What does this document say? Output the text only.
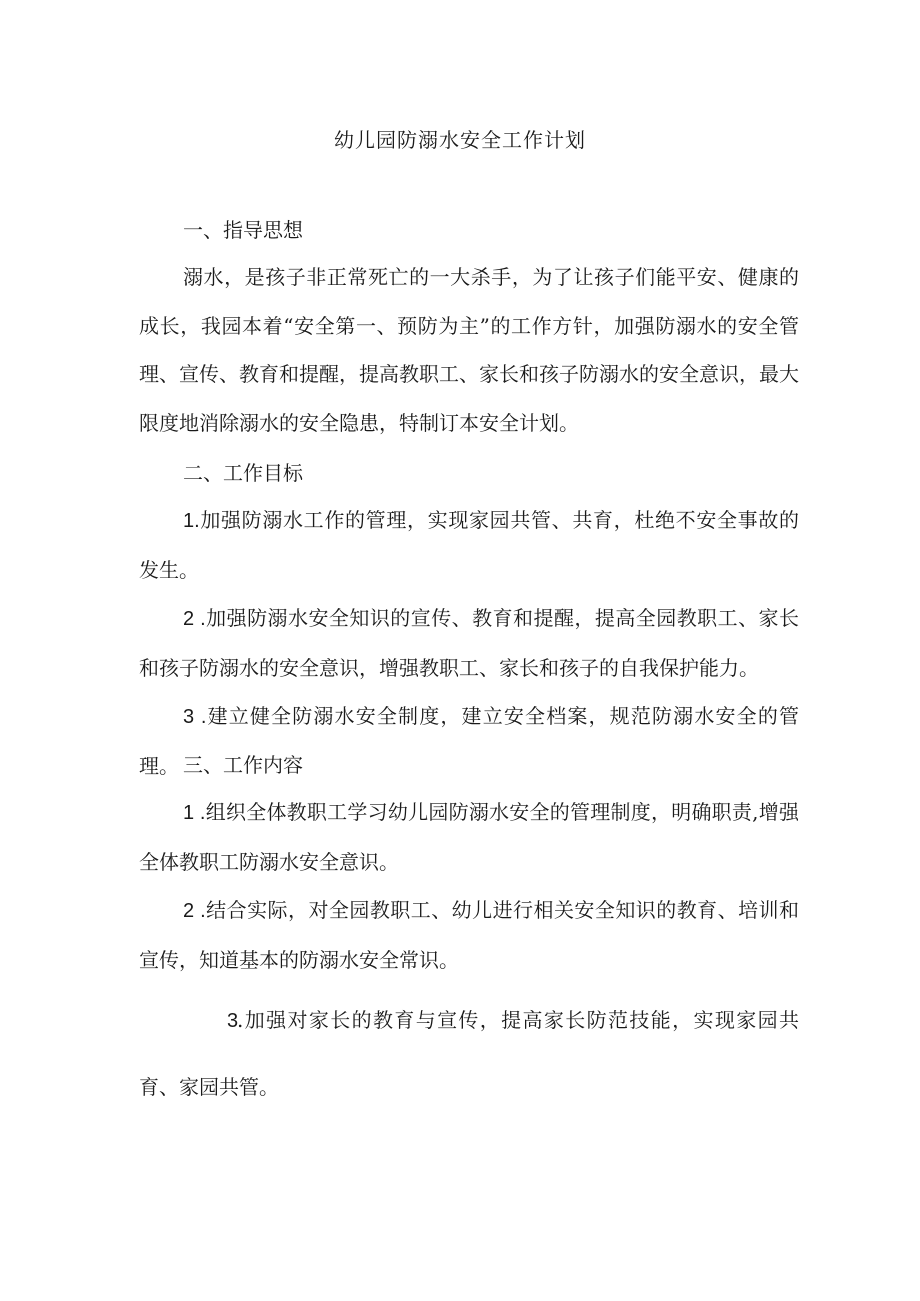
幼儿园防溺水安全工作计划
一、指导思想
溺水，是孩子非正常死亡的一大杀手，为了让孩子们能平安、健康的成长，我园本着“安全第一、预防为主”的工作方针，加强防溺水的安全管理、宣传、教育和提醒，提高教职工、家长和孩子防溺水的安全意识，最大限度地消除溺水的安全隐患，特制订本安全计划。
二、工作目标
1.加强防溺水工作的管理，实现家园共管、共育，杜绝不安全事故的发生。
2 .加强防溺水安全知识的宣传、教育和提醒，提高全园教职工、家长和孩子防溺水的安全意识，增强教职工、家长和孩子的自我保护能力。
3 .建立健全防溺水安全制度，建立安全档案，规范防溺水安全的管理。 三、工作内容
1 .组织全体教职工学习幼儿园防溺水安全的管理制度，明确职责,增强全体教职工防溺水安全意识。
2 .结合实际，对全园教职工、幼儿进行相关安全知识的教育、培训和宣传，知道基本的防溺水安全常识。
3.加强对家长的教育与宣传，提高家长防范技能，实现家园共育、家园共管。
